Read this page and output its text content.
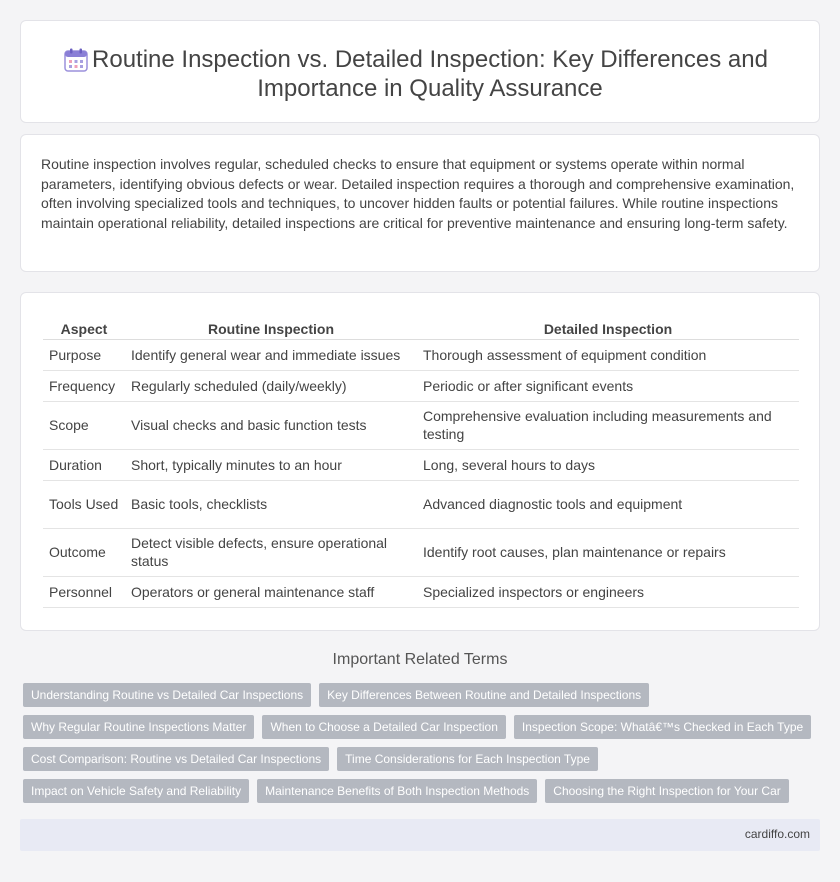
Routine Inspection vs. Detailed Inspection: Key Differences and Importance in Quality Assurance

Routine inspection involves regular, scheduled checks to ensure that equipment or systems operate within normal parameters, identifying obvious defects or wear. Detailed inspection requires a thorough and comprehensive examination, often involving specialized tools and techniques, to uncover hidden faults or potential failures. While routine inspections maintain operational reliability, detailed inspections are critical for preventive maintenance and ensuring long-term safety.

Aspect	Routine Inspection	Detailed Inspection
Purpose	Identify general wear and immediate issues	Thorough assessment of equipment condition
Frequency	Regularly scheduled (daily/weekly)	Periodic or after significant events
Scope	Visual checks and basic function tests	Comprehensive evaluation including measurements and testing
Duration	Short, typically minutes to an hour	Long, several hours to days
Tools Used	Basic tools, checklists	Advanced diagnostic tools and equipment
Outcome	Detect visible defects, ensure operational status	Identify root causes, plan maintenance or repairs
Personnel	Operators or general maintenance staff	Specialized inspectors or engineers
Important Related Terms
Understanding Routine vs Detailed Car Inspections	Key Differences Between Routine and Detailed Inspections
Why Regular Routine Inspections Matter	When to Choose a Detailed Car Inspection	Inspection Scope: Whatâ€™s Checked in Each Type
Cost Comparison: Routine vs Detailed Car Inspections	Time Considerations for Each Inspection Type
Impact on Vehicle Safety and Reliability	Maintenance Benefits of Both Inspection Methods	Choosing the Right Inspection for Your Car
cardiffo.com
